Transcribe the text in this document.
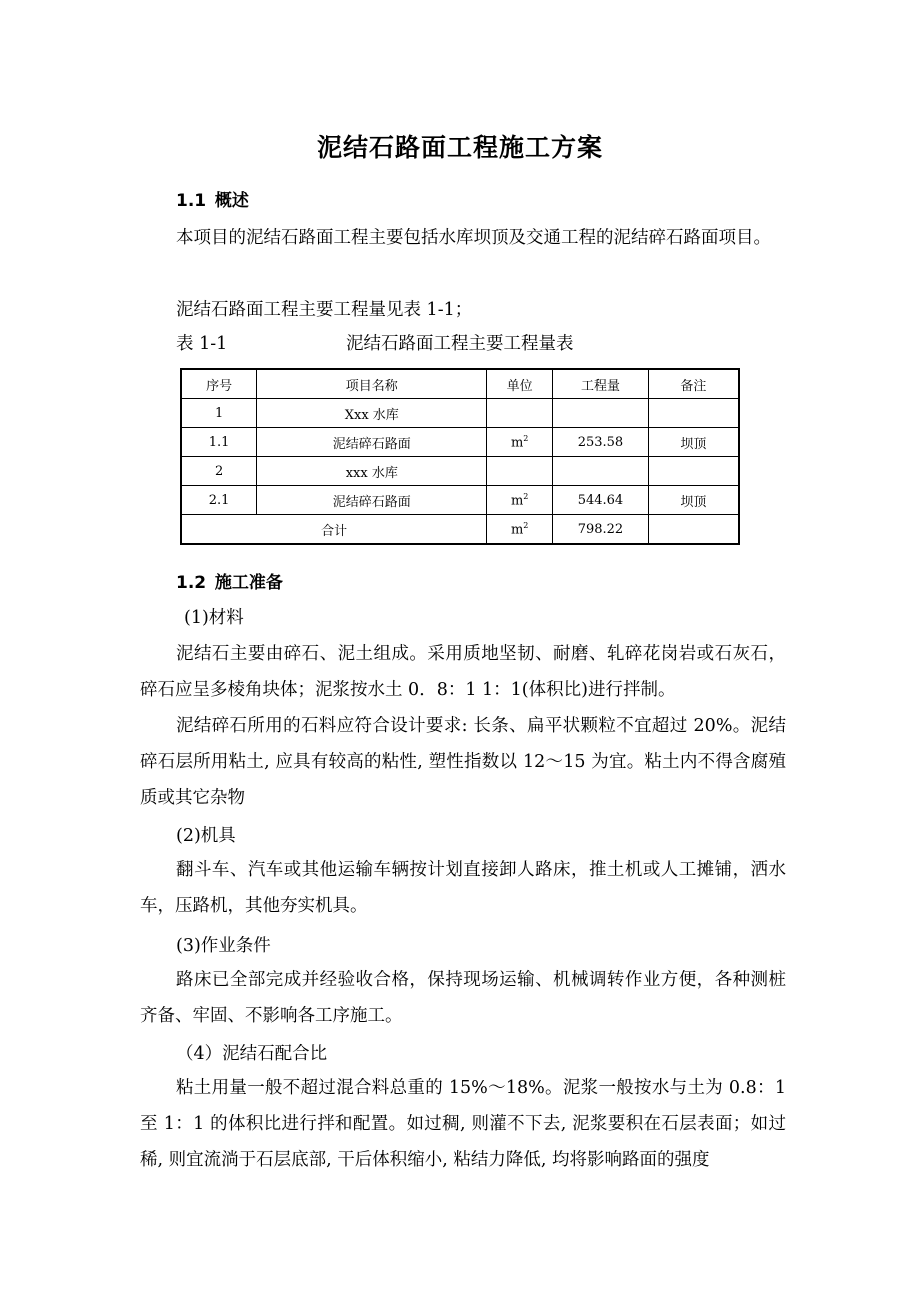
泥结石路面工程施工方案
1.1 概述
本项目的泥结石路面工程主要包括水库坝顶及交通工程的泥结碎石路面项目。
泥结石路面工程主要工程量见表 1-1；
表 1-1	泥结石路面工程主要工程量表
序号	项目名称	单位	工程量	备注
1	Xxx 水库			
1.1	泥结碎石路面	$m^2$	253.58	坝顶
2	xxx 水库			
2.1	泥结碎石路面	$m^2$	544.64	坝顶
合计		$m^2$	798.22	
1.2 施工准备
(1)材料
泥结石主要由碎石、泥土组成。采用质地坚韧、耐磨、轧碎花岗岩或石灰石，碎石应呈多棱角块体；泥浆按水土 0．8：1 1：1(体积比)进行拌制。
泥结碎石所用的石料应符合设计要求: 长条、扁平状颗粒不宜超过 20%。泥结碎石层所用粘土, 应具有较高的粘性, 塑性指数以 12～15 为宜。粘土内不得含腐殖质或其它杂物
(2)机具
翻斗车、汽车或其他运输车辆按计划直接卸人路床，推土机或人工摊铺，洒水车，压路机，其他夯实机具。
(3)作业条件
路床已全部完成并经验收合格，保持现场运输、机械调转作业方便，各种测桩齐备、牢固、不影响各工序施工。
（4）泥结石配合比
粘土用量一般不超过混合料总重的 15%～18%。泥浆一般按水与土为 0.8：1 至 1：1 的体积比进行拌和配置。如过稠, 则灌不下去, 泥浆要积在石层表面；如过稀, 则宜流淌于石层底部, 干后体积缩小, 粘结力降低, 均将影响路面的强度
